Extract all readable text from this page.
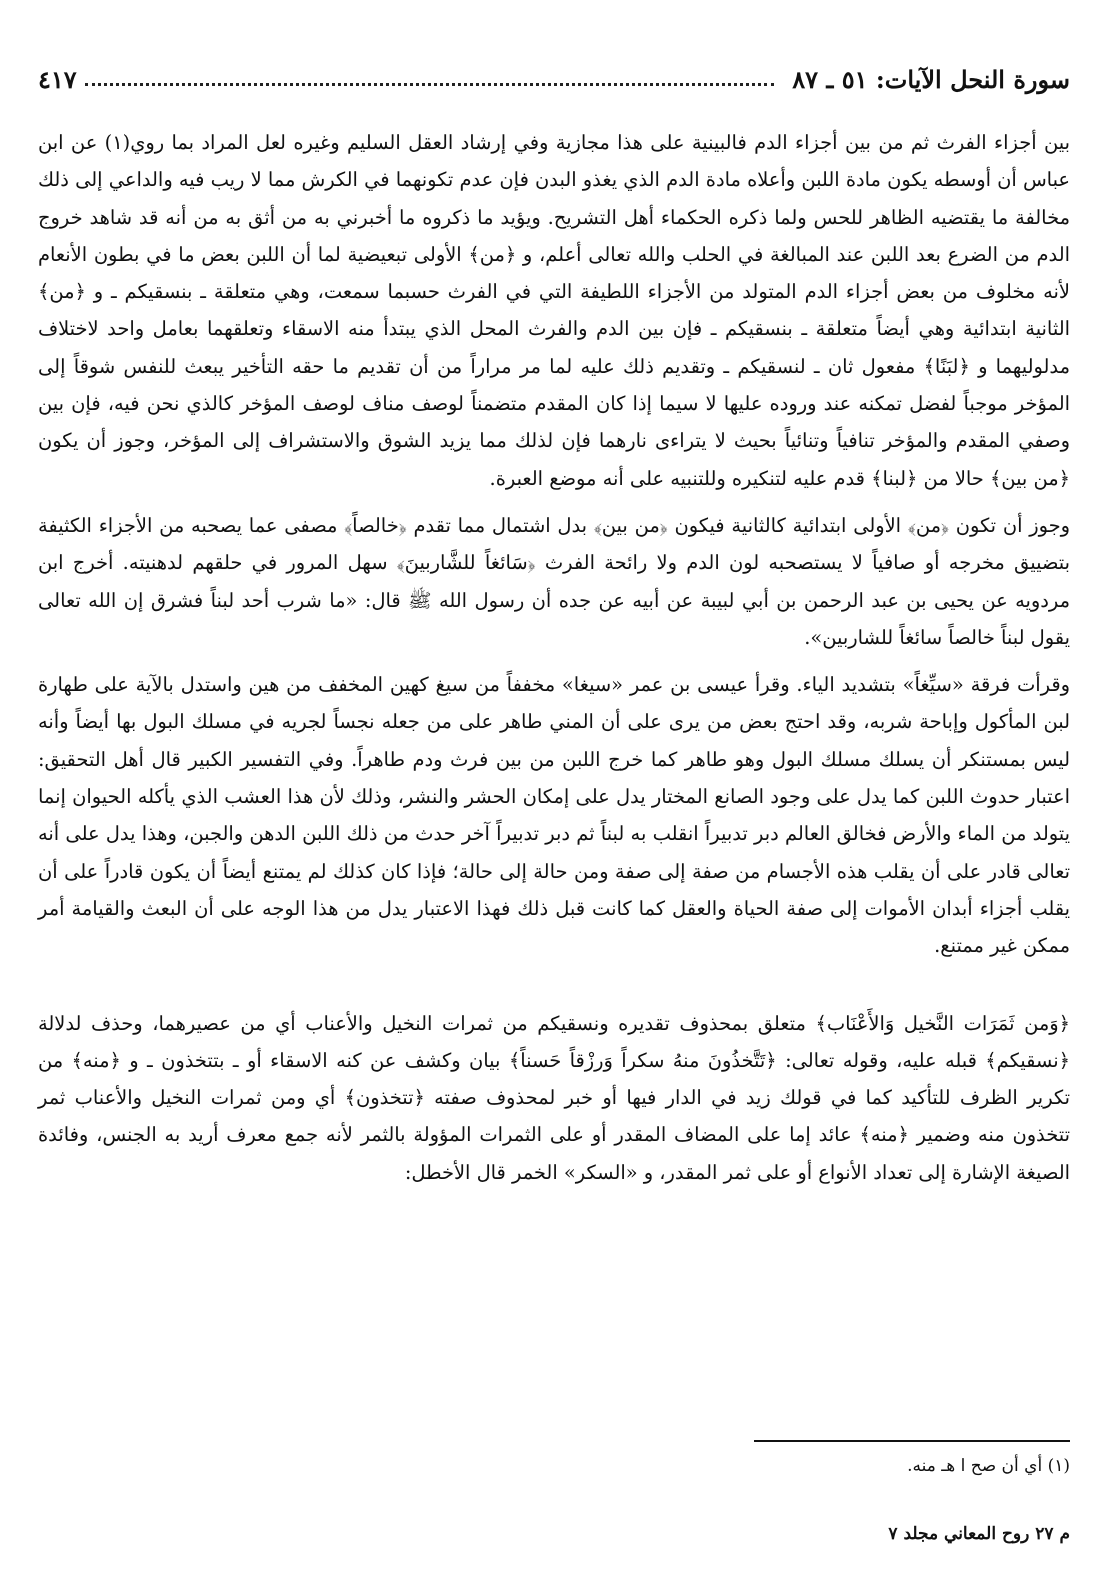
سورة النحل الآيات: ٥١ ـ ٨٧
٤١٧

بين أجزاء الفرث ثم من بين أجزاء الدم فالبينية على هذا مجازية وفي إرشاد العقل السليم وغيره لعل المراد بما روي(١) عن ابن عباس أن أوسطه يكون مادة اللبن وأعلاه مادة الدم الذي يغذو البدن فإن عدم تكونهما في الكرش مما لا ريب فيه والداعي إلى ذلك مخالفة ما يقتضيه الظاهر للحس ولما ذكره الحكماء أهل التشريح. ويؤيد ما ذكروه ما أخبرني به من أثق به من أنه قد شاهد خروج الدم من الضرع بعد اللبن عند المبالغة في الحلب والله تعالى أعلم، و ﴿من﴾ الأولى تبعيضية لما أن اللبن بعض ما في بطون الأنعام لأنه مخلوف من بعض أجزاء الدم المتولد من الأجزاء اللطيفة التي في الفرث حسبما سمعت، وهي متعلقة ـ بنسقيكم ـ و ﴿من﴾ الثانية ابتدائية وهي أيضاً متعلقة ـ بنسقيكم ـ فإن بين الدم والفرث المحل الذي يبتدأ منه الاسقاء وتعلقهما بعامل واحد لاختلاف مدلوليهما و ﴿لبَنًا﴾ مفعول ثان ـ لنسقيكم ـ وتقديم ذلك عليه لما مر مراراً من أن تقديم ما حقه التأخير يبعث للنفس شوقاً إلى المؤخر موجباً لفضل تمكنه عند وروده عليها لا سيما إذا كان المقدم متضمناً لوصف مناف لوصف المؤخر كالذي نحن فيه، فإن بين وصفي المقدم والمؤخر تنافياً وتنائياً بحيث لا يتراءى نارهما فإن لذلك مما يزيد الشوق والاستشراف إلى المؤخر، وجوز أن يكون ﴿من بين﴾ حالا من ﴿لبنا﴾ قدم عليه لتنكيره وللتنبيه على أنه موضع العبرة.

وجوز أن تكون ﴿من﴾ الأولى ابتدائية كالثانية فيكون ﴿من بين﴾ بدل اشتمال مما تقدم ﴿خالصاً﴾ مصفى عما يصحبه من الأجزاء الكثيفة بتضييق مخرجه أو صافياً لا يستصحبه لون الدم ولا رائحة الفرث ﴿سَائغاً للشَّاربينَ﴾ سهل المرور في حلقهم لدهنيته. أخرج ابن مردويه عن يحيى بن عبد الرحمن بن أبي لبيبة عن أبيه عن جده أن رسول الله ﷺ قال: «ما شرب أحد لبناً فشرق إن الله تعالى يقول لبناً خالصاً سائغاً للشاربين».

وقرأت فرقة «سيِّغاً» بتشديد الياء. وقرأ عيسى بن عمر «سيغا» مخففاً من سيغ كهين المخفف من هين واستدل بالآية على طهارة لبن المأكول وإباحة شربه، وقد احتج بعض من يرى على أن المني طاهر على من جعله نجساً لجريه في مسلك البول بها أيضاً وأنه ليس بمستنكر أن يسلك مسلك البول وهو طاهر كما خرج اللبن من بين فرث ودم طاهراً. وفي التفسير الكبير قال أهل التحقيق: اعتبار حدوث اللبن كما يدل على وجود الصانع المختار يدل على إمكان الحشر والنشر، وذلك لأن هذا العشب الذي يأكله الحيوان إنما يتولد من الماء والأرض فخالق العالم دبر تدبيراً انقلب به لبناً ثم دبر تدبيراً آخر حدث من ذلك اللبن الدهن والجبن، وهذا يدل على أنه تعالى قادر على أن يقلب هذه الأجسام من صفة إلى صفة ومن حالة إلى حالة؛ فإذا كان كذلك لم يمتنع أيضاً أن يكون قادراً على أن يقلب أجزاء أبدان الأموات إلى صفة الحياة والعقل كما كانت قبل ذلك فهذا الاعتبار يدل من هذا الوجه على أن البعث والقيامة أمر ممكن غير ممتنع.

﴿وَمن ثَمَرَات النَّخيل وَالأَعْنَاب﴾ متعلق بمحذوف تقديره ونسقيكم من ثمرات النخيل والأعناب أي من عصيرهما، وحذف لدلالة ﴿نسقيكم﴾ قبله عليه، وقوله تعالى: ﴿تَتَّخذُونَ منهُ سكراً وَرزْقاً حَسناً﴾ بيان وكشف عن كنه الاسقاء أو ـ بتتخذون ـ و ﴿منه﴾ من تكرير الظرف للتأكيد كما في قولك زيد في الدار فيها أو خبر لمحذوف صفته ﴿تتخذون﴾ أي ومن ثمرات النخيل والأعناب ثمر تتخذون منه وضمير ﴿منه﴾ عائد إما على المضاف المقدر أو على الثمرات المؤولة بالثمر لأنه جمع معرف أريد به الجنس، وفائدة الصيغة الإشارة إلى تعداد الأنواع أو على ثمر المقدر، و «السكر» الخمر قال الأخطل:

(١) أي أن صح ا هـ منه.
م ٢٧ روح المعاني مجلد ٧
